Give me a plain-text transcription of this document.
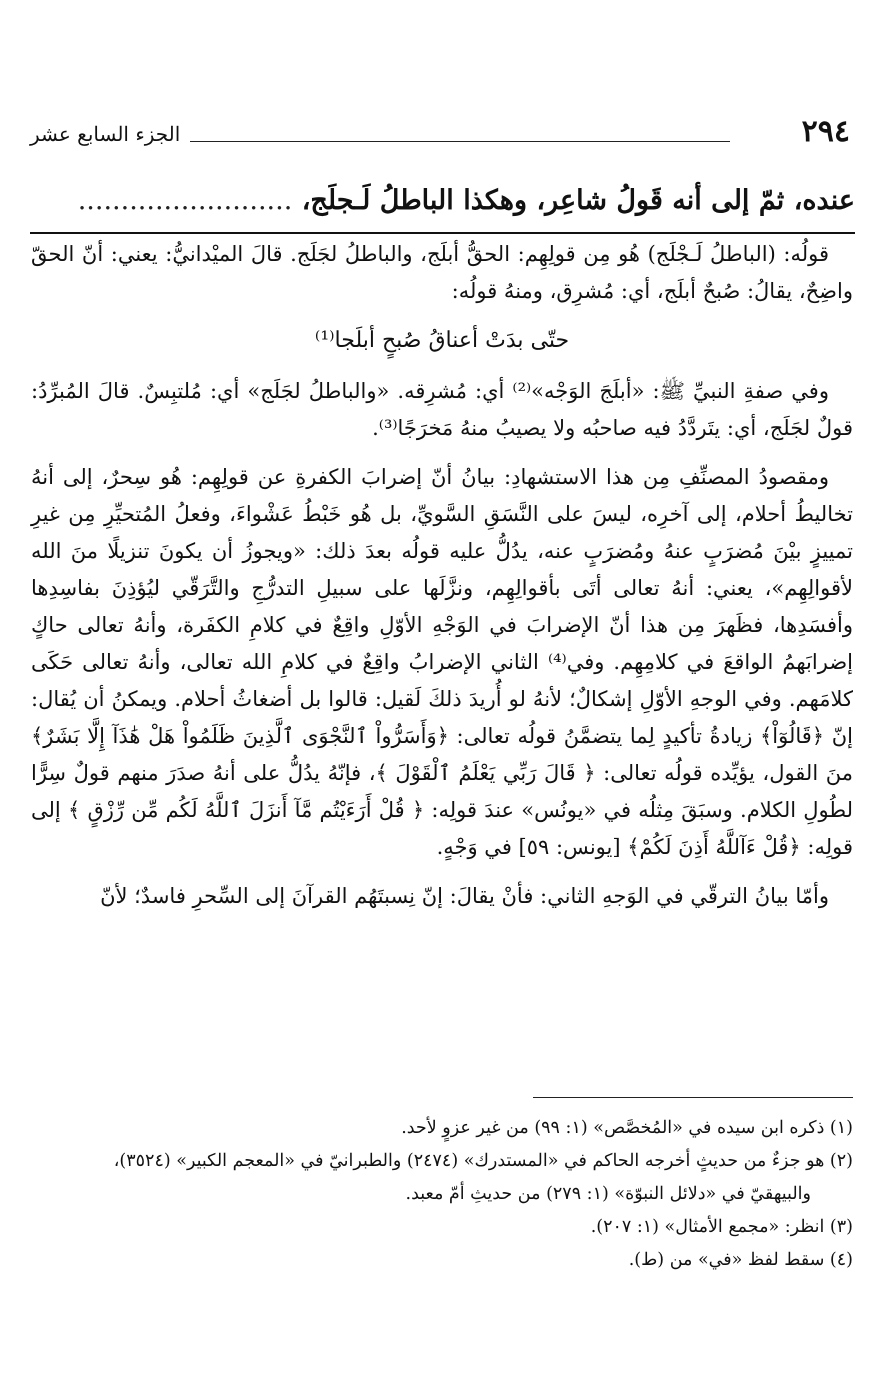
٢٩٤
الجزء السابع عشر
عنده، ثمّ إلى أنه قَولُ شاعِر، وهكذا الباطلُ لَـجلَج، .........................

قولُه: (الباطلُ لَـجْلَج) هُو مِن قولِهِم: الحقُّ أبلَج، والباطلُ لجَلَج. قالَ الميْدانيُّ: يعني: أنّ الحقّ واضِحٌ، يقالُ: صُبحٌ أبلَج، أي: مُشرِق، ومنهُ قولُه:

حتّى بدَتْ أعناقُ صُبحٍ أبلَجا⁽¹⁾

وفي صفةِ النبيِّ ﷺ: «أبلَجَ الوَجْه»⁽²⁾ أي: مُشرِقه. «والباطلُ لجَلَج» أي: مُلتبِسٌ. قالَ المُبرِّدُ: قولٌ لجَلَج، أي: يتَردَّدُ فيه صاحبُه ولا يصيبُ منهُ مَخرَجًا⁽³⁾.

ومقصودُ المصنِّفِ مِن هذا الاستشهادِ: بيانُ أنّ إضرابَ الكفرةِ عن قولِهِم: هُو سِحرٌ، إلى أنهُ تخاليطُ أحلام، إلى آخرِه، ليسَ على النَّسَقِ السَّويِّ، بل هُو خَبْطُ عَشْواءَ، وفعلُ المُتحيِّرِ مِن غيرِ تمييزٍ بيْنَ مُضرَبٍ عنهُ ومُضرَبٍ عنه، يدُلُّ عليه قولُه بعدَ ذلك: «ويجوزُ أن يكونَ تنزيلًا منَ الله لأقوالِهِم»، يعني: أنهُ تعالى أتَى بأقوالِهِم، ونزَّلَها على سبيلِ التدرُّجِ والتَّرَقّي ليُؤذِنَ بفاسِدِها وأفسَدِها، فظَهرَ مِن هذا أنّ الإضرابَ في الوَجْهِ الأوّلِ واقِعٌ في كلامِ الكفَرة، وأنهُ تعالى حاكٍ إضرابَهمُ الواقعَ في كلامِهِم. وفي⁽⁴⁾ الثاني الإضرابُ واقِعٌ في كلامِ الله تعالى، وأنهُ تعالى حَكَى كلامَهم. وفي الوجهِ الأوّلِ إشكالٌ؛ لأنهُ لو أُريدَ ذلكَ لَقيل: قالوا بل أضغاثُ أحلام. ويمكنُ أن يُقال: إنّ ﴿قَالُوٓاْ﴾ زيادةُ تأكيدٍ لِما يتضمَّنُ قولُه تعالى: ﴿وَأَسَرُّواْ ٱلنَّجْوَى ٱلَّذِينَ ظَلَمُواْ هَلْ هَٰذَآ إِلَّا بَشَرٌ﴾ منَ القول، يؤيِّده قولُه تعالى: ﴿ قَالَ رَبِّي يَعْلَمُ ٱلْقَوْلَ ﴾، فإنّهُ يدُلُّ على أنهُ صدَرَ منهم قولٌ سِرًّا لطُولِ الكلام. وسبَقَ مِثلُه في «يونُس» عندَ قولِه: ﴿ قُلْ أَرَءَيْتُم مَّآ أَنزَلَ ٱللَّهُ لَكُم مِّن رِّزْقٍ ﴾ إلى قولِه: ﴿قُلْ ءَآللَّهُ أَذِنَ لَكُمْ﴾ [يونس: ٥٩] في وَجْهٍ.

وأمّا بيانُ الترقّي في الوَجهِ الثاني: فأنْ يقالَ: إنّ نِسبتَهُم القرآنَ إلى السِّحرِ فاسدٌ؛ لأنّ

(١) ذكره ابن سيده في «المُخصَّص» (١: ٩٩) من غير عزوٍ لأحد.

(٢) هو جزءٌ من حديثٍ أخرجه الحاكم في «المستدرك» (٢٤٧٤) والطبرانيّ في «المعجم الكبير» (٣٥٢٤)،

والبيهقيّ في «دلائل النبوّة» (١: ٢٧٩) من حديثِ أمّ معبد.

(٣) انظر: «مجمع الأمثال» (١: ٢٠٧).

(٤) سقط لفظ «في» من (ط).
